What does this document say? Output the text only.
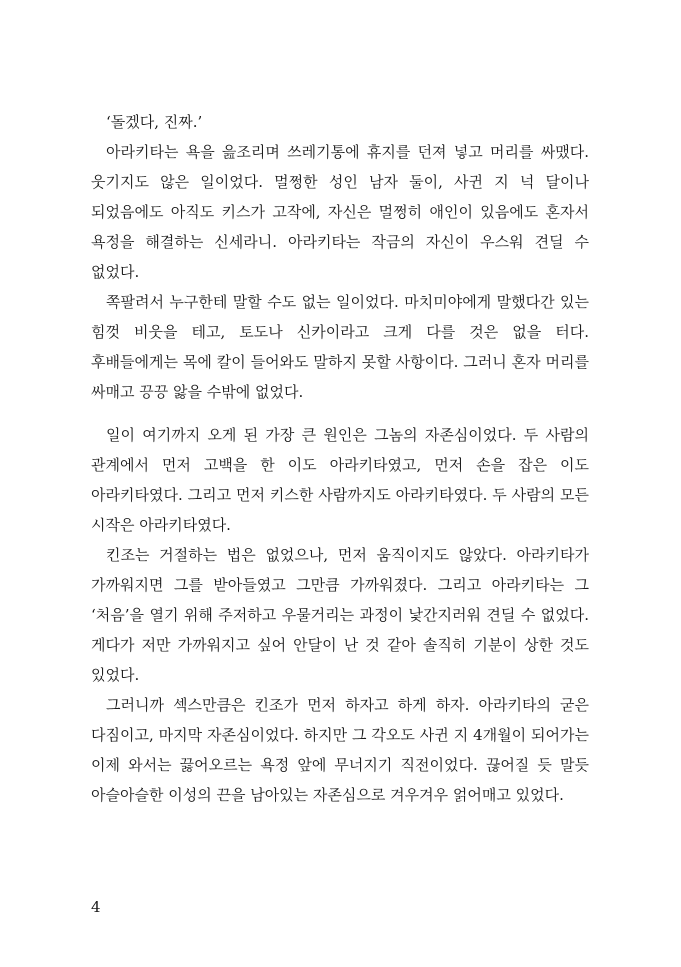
‘돌겠다, 진짜.’

아라키타는 욕을 읊조리며 쓰레기통에 휴지를 던져 넣고 머리를 싸맸다. 웃기지도 않은 일이었다. 멀쩡한 성인 남자 둘이, 사귄 지 넉 달이나 되었음에도 아직도 키스가 고작에, 자신은 멀쩡히 애인이 있음에도 혼자서 욕정을 해결하는 신세라니. 아라키타는 작금의 자신이 우스워 견딜 수 없었다.

쪽팔려서 누구한테 말할 수도 없는 일이었다. 마치미야에게 말했다간 있는 힘껏 비웃을 테고, 토도나 신카이라고 크게 다를 것은 없을 터다. 후배들에게는 목에 칼이 들어와도 말하지 못할 사항이다. 그러니 혼자 머리를 싸매고 끙끙 앓을 수밖에 없었다.

일이 여기까지 오게 된 가장 큰 원인은 그놈의 자존심이었다. 두 사람의 관계에서 먼저 고백을 한 이도 아라키타였고, 먼저 손을 잡은 이도 아라키타였다. 그리고 먼저 키스한 사람까지도 아라키타였다. 두 사람의 모든 시작은 아라키타였다.

킨조는 거절하는 법은 없었으나, 먼저 움직이지도 않았다. 아라키타가 가까워지면 그를 받아들였고 그만큼 가까워졌다. 그리고 아라키타는 그 ‘처음’을 열기 위해 주저하고 우물거리는 과정이 낯간지러워 견딜 수 없었다. 게다가 저만 가까워지고 싶어 안달이 난 것 같아 솔직히 기분이 상한 것도 있었다.

그러니까 섹스만큼은 킨조가 먼저 하자고 하게 하자. 아라키타의 굳은 다짐이고, 마지막 자존심이었다. 하지만 그 각오도 사귄 지 4개월이 되어가는 이제 와서는 끓어오르는 욕정 앞에 무너지기 직전이었다. 끊어질 듯 말듯 아슬아슬한 이성의 끈을 남아있는 자존심으로 겨우겨우 얽어매고 있었다.

4
